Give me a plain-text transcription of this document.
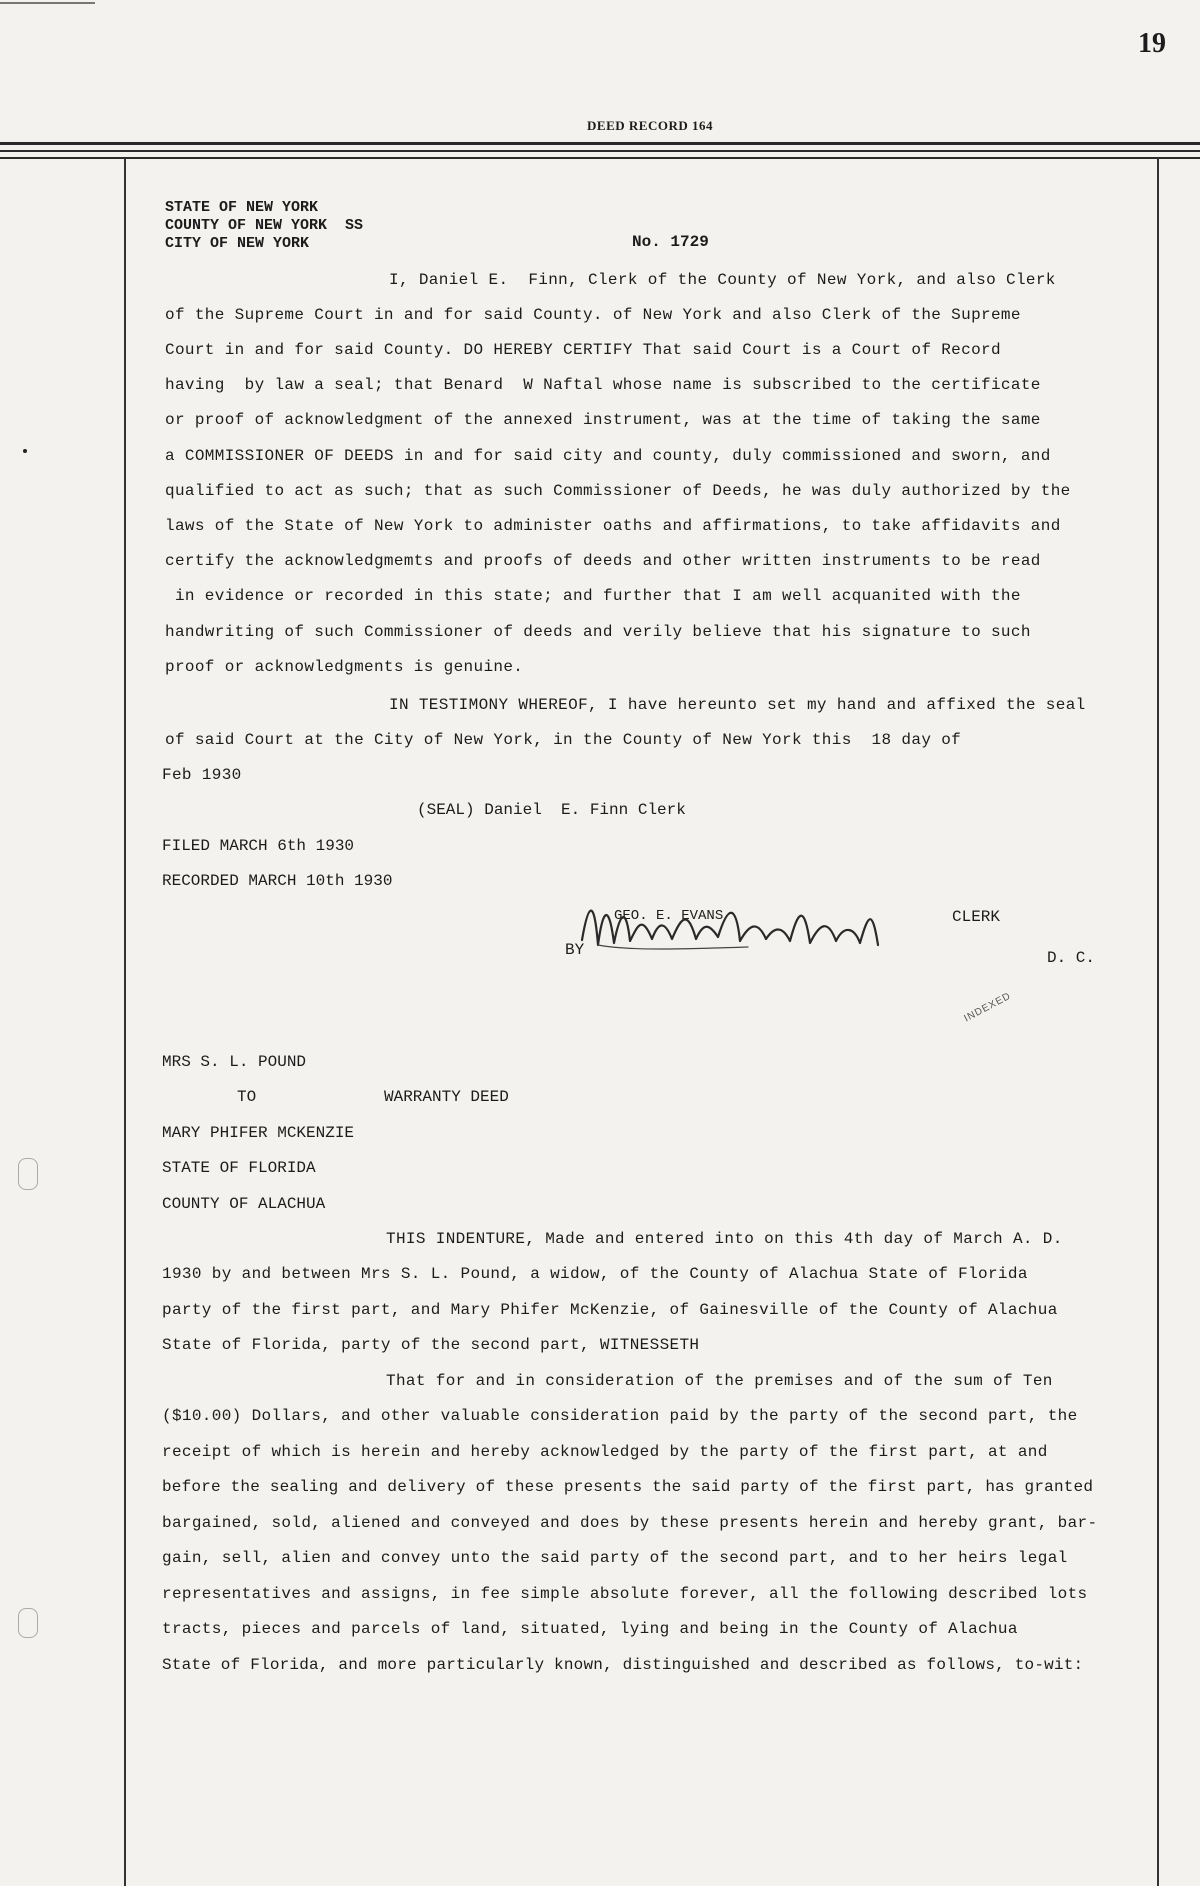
19
DEED RECORD 164
STATE OF NEW YORK
COUNTY OF NEW YORK  SS
CITY OF NEW YORK	No. 1729
I, Daniel E.  Finn, Clerk of the County of New York, and also Clerk
of the Supreme Court in and for said County. of New York and also Clerk of the Supreme
Court in and for said County. DO HEREBY CERTIFY That said Court is a Court of Record
having  by law a seal; that Benard  W Naftal whose name is subscribed to the certificate
or proof of acknowledgment of the annexed instrument, was at the time of taking the same
a COMMISSIONER OF DEEDS in and for said city and county, duly commissioned and sworn, and
qualified to act as such; that as such Commissioner of Deeds, he was duly authorized by the
laws of the State of New York to administer oaths and affirmations, to take affidavits and
certify the acknowledgmemts and proofs of deeds and other written instruments to be read
in evidence or recorded in this state; and further that I am well acquanited with the
handwriting of such Commissioner of deeds and verily believe that his signature to such
proof or acknowledgments is genuine.
IN TESTIMONY WHEREOF, I have hereunto set my hand and affixed the seal
of said Court at the City of New York, in the County of New York this  18 day of
Feb 1930
(SEAL) Daniel  E. Finn Clerk
FILED MARCH 6th 1930
RECORDED MARCH 10th 1930
GEO. E. EVANS	CLERK
BY	D. C.
INDEXED
MRS S. L. POUND
TO	WARRANTY DEED
MARY PHIFER MCKENZIE
STATE OF FLORIDA
COUNTY OF ALACHUA
THIS INDENTURE, Made and entered into on this 4th day of March A. D.
1930 by and between Mrs S. L. Pound, a widow, of the County of Alachua State of Florida
party of the first part, and Mary Phifer McKenzie, of Gainesville of the County of Alachua
State of Florida, party of the second part, WITNESSETH
That for and in consideration of the premises and of the sum of Ten
($10.00) Dollars, and other valuable consideration paid by the party of the second part, the
receipt of which is herein and hereby acknowledged by the party of the first part, at and
before the sealing and delivery of these presents the said party of the first part, has granted
bargained, sold, aliened and conveyed and does by these presents herein and hereby grant, bar-
gain, sell, alien and convey unto the said party of the second part, and to her heirs legal
representatives and assigns, in fee simple absolute forever, all the following described lots
tracts, pieces and parcels of land, situated, lying and being in the County of Alachua
State of Florida, and more particularly known, distinguished and described as follows, to-wit:
